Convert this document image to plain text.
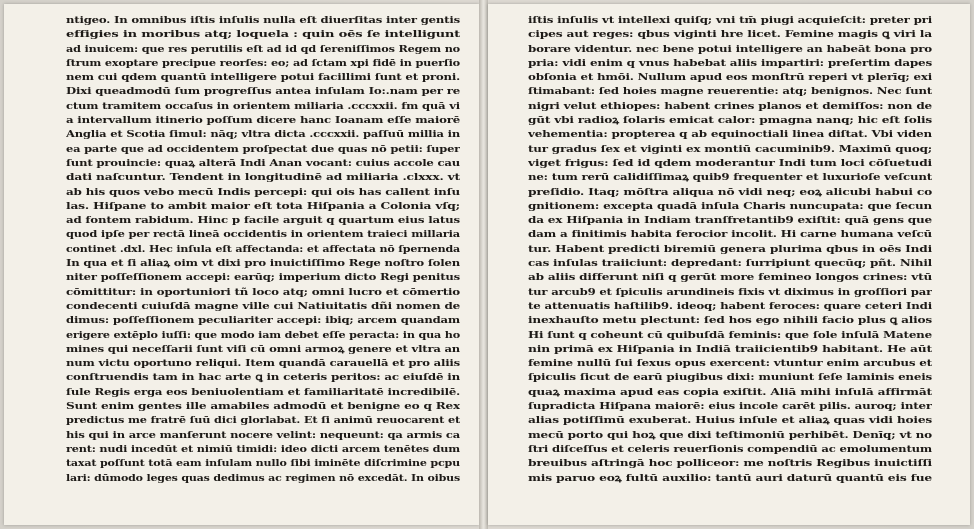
ntigeo. In omnibus iſtis inſulis nulla eſt diuerſitas inter gentis
effigies in moribus atq; loquela : quin oēs ſe intelligunt
ad inuicem: que res perutilis eſt ad id qd ſereniſſimos Regem no
ſtrum exoptare precipue reorſes: eo; ad ſctam xpi fidē in puerſio
nem cui qdem quantū intelligere potui facillimi ſunt et proni.
Dixi queadmodū ſum progreſſus antea inſulam Io:.nam per re
ctum tramitem occaſus in orientem miliaria .cccxxii. fm quā vi
a intervallum itinerio poſſum dicere hanc Ioanam eſſe maiorē
Anglia et Scotia ſimul: nāq; vltra dicta .cccxxii. paſſuū millia in
ea parte que ad occidentem proſpectat due quas nō petii: ſuper
ſunt prouincie: quaꝝ alterā Indi Anan vocant: cuius accole cau
dati naſcuntur. Tendent in longitudinē ad miliaria .clxxx. vt
ab his quos vebo mecū Indis percepi: qui ois has callent inſu
las. Hiſpane to ambit maior eſt tota Hiſpania a Colonia vſq;
ad fontem rabidum. Hinc p facile arguit q quartum eius latus
quod ipſe per rectā lineā occidentis in orientem traieci millaria
continet .dxl. Hec inſula eſt affectanda: et affectata nō ſpernenda
In qua et ſi aliaꝝ oim vt dixi pro inuictiſſimo Rege noſtro ſolen
niter poſſeſſionem accepi: earūq; imperium dicto Regi penitus
cōmittitur: in oportuniori tñ loco atq; omni lucro et cōmertio
condecenti cuiuſdā magne ville cui Natiuitatis dñi nomen de
dimus: poſſeſſionem peculiariter accepi: ibiq; arcem quandam
erigere extēplo iuſſi: que modo iam debet eſſe peracta: in qua ho
mines qui neceſſarii ſunt viſi cū omni armoꝝ genere et vltra an
num victu oportuno reliqui. Item quandā carauellā et pro aliis
conſtruendis tam in hac arte ꝗ in ceteris peritos: ac eiuſdē in
ſule Regis erga eos beniuolentiam et familiaritatē incredibilē.
Sunt enim gentes ille amabiles admodū et benigne eo q Rex
predictus me fratrē ſuū dici glorlabat. Et ſi animū reuocarent et
his qui in arce manſerunt nocere velint: nequeunt: qa armis ca
rent: nudi incedūt et nimiū timidi: ideo dicti arcem tenētes dum
taxat poſſunt totā eam inſulam nullo ſibi iminēte diſcrimine pcpu
lari: dūmodo leges quas dedimus ac regimen nō excedāt. In oibus
iſtis inſulis vt intellexi quiſq; vni tm̄ piugi acquieſcit: preter pri
cipes aut reges: qbus viginti hre licet. Femine magis ꝗ viri la
borare videntur. nec bene potui intelligere an habeāt bona pro
pria: vidi enim q vnus habebat aliis impartiri: preſertim dapes
obſonia et hmōi. Nullum apud eos monſtrū reperi vt plerīq; exi
ſtimabant: ſed hoies magne reuerentie: atq; benignos. Nec ſunt
nigri velut ethiopes: habent crines planos et demiſſos: non de
gūt vbi radioꝝ ſolaris emicat calor: pmagna nanq; hic eſt ſolis
vehementia: propterea q ab equinoctiali linea diſtat. Vbi viden
tur gradus ſex et viginti ex montiū cacuminib9. Maximū quoq;
viget frigus: ſed id qdem moderantur Indi tum loci cōſuetudi
ne: tum rerū calidiſſimaꝝ quib9 frequenter et luxurioſe veſcunt
preſidio. Itaq; mōſtra aliqua nō vidi neq; eoꝝ alicubi habui co
gnitionem: excepta quadā inſula Charis nuncupata: que ſecun
da ex Hiſpania in Indiam tranſfretantib9 exiſtit: quā gens que
dam a finitimis habita ferocior incolit. Hi carne humana veſcū
tur. Habent predicti biremiū genera plurima qbus in oēs Indi
cas inſulas traiiciunt: depredant: ſurripiunt quecūq; pñt. Nihil
ab aliis differunt niſi q gerūt more femineo longos crines: vtū
tur arcub9 et ſpiculis arundineis fixis vt diximus in groſſiori par
te attenuatis haſtilib9. ideoq; habent feroces: quare ceteri Indi
inexhauſto metu plectunt: ſed hos ego nihili facio plus ꝗ alios
Hi ſunt q coheunt cū quibuſdā feminis: que ſole inſulā Matene
nin primā ex Hiſpania in Indiā traiicientib9 habitant. He aūt
femine nullū ſui ſexus opus exercent: vtuntur enim arcubus et
ſpiculis ſicut de earū piugibus dixi: muniunt ſeſe laminis eneis
quaꝝ maxima apud eas copia exiſtit. Aliā mihi inſulā affirmāt
ſupradicta Hiſpana maiorē: eius incole carēt pilis. auroq; inter
alias potiſſimū exuberat. Huius inſule et aliaꝝ quas vidi hoies
mecū porto qui hoꝝ que dixi teſtimoniū perhibēt. Denīq; vt no
ſtri diſceſſus et celeris reuerſionis compendiū ac emolumentum
breuibus aſtringā hoc polliceor: me noſtris Regibus inuictiſſi
mis paruo eoꝝ fultū auxilio: tantū auri daturū quantū eis fue
